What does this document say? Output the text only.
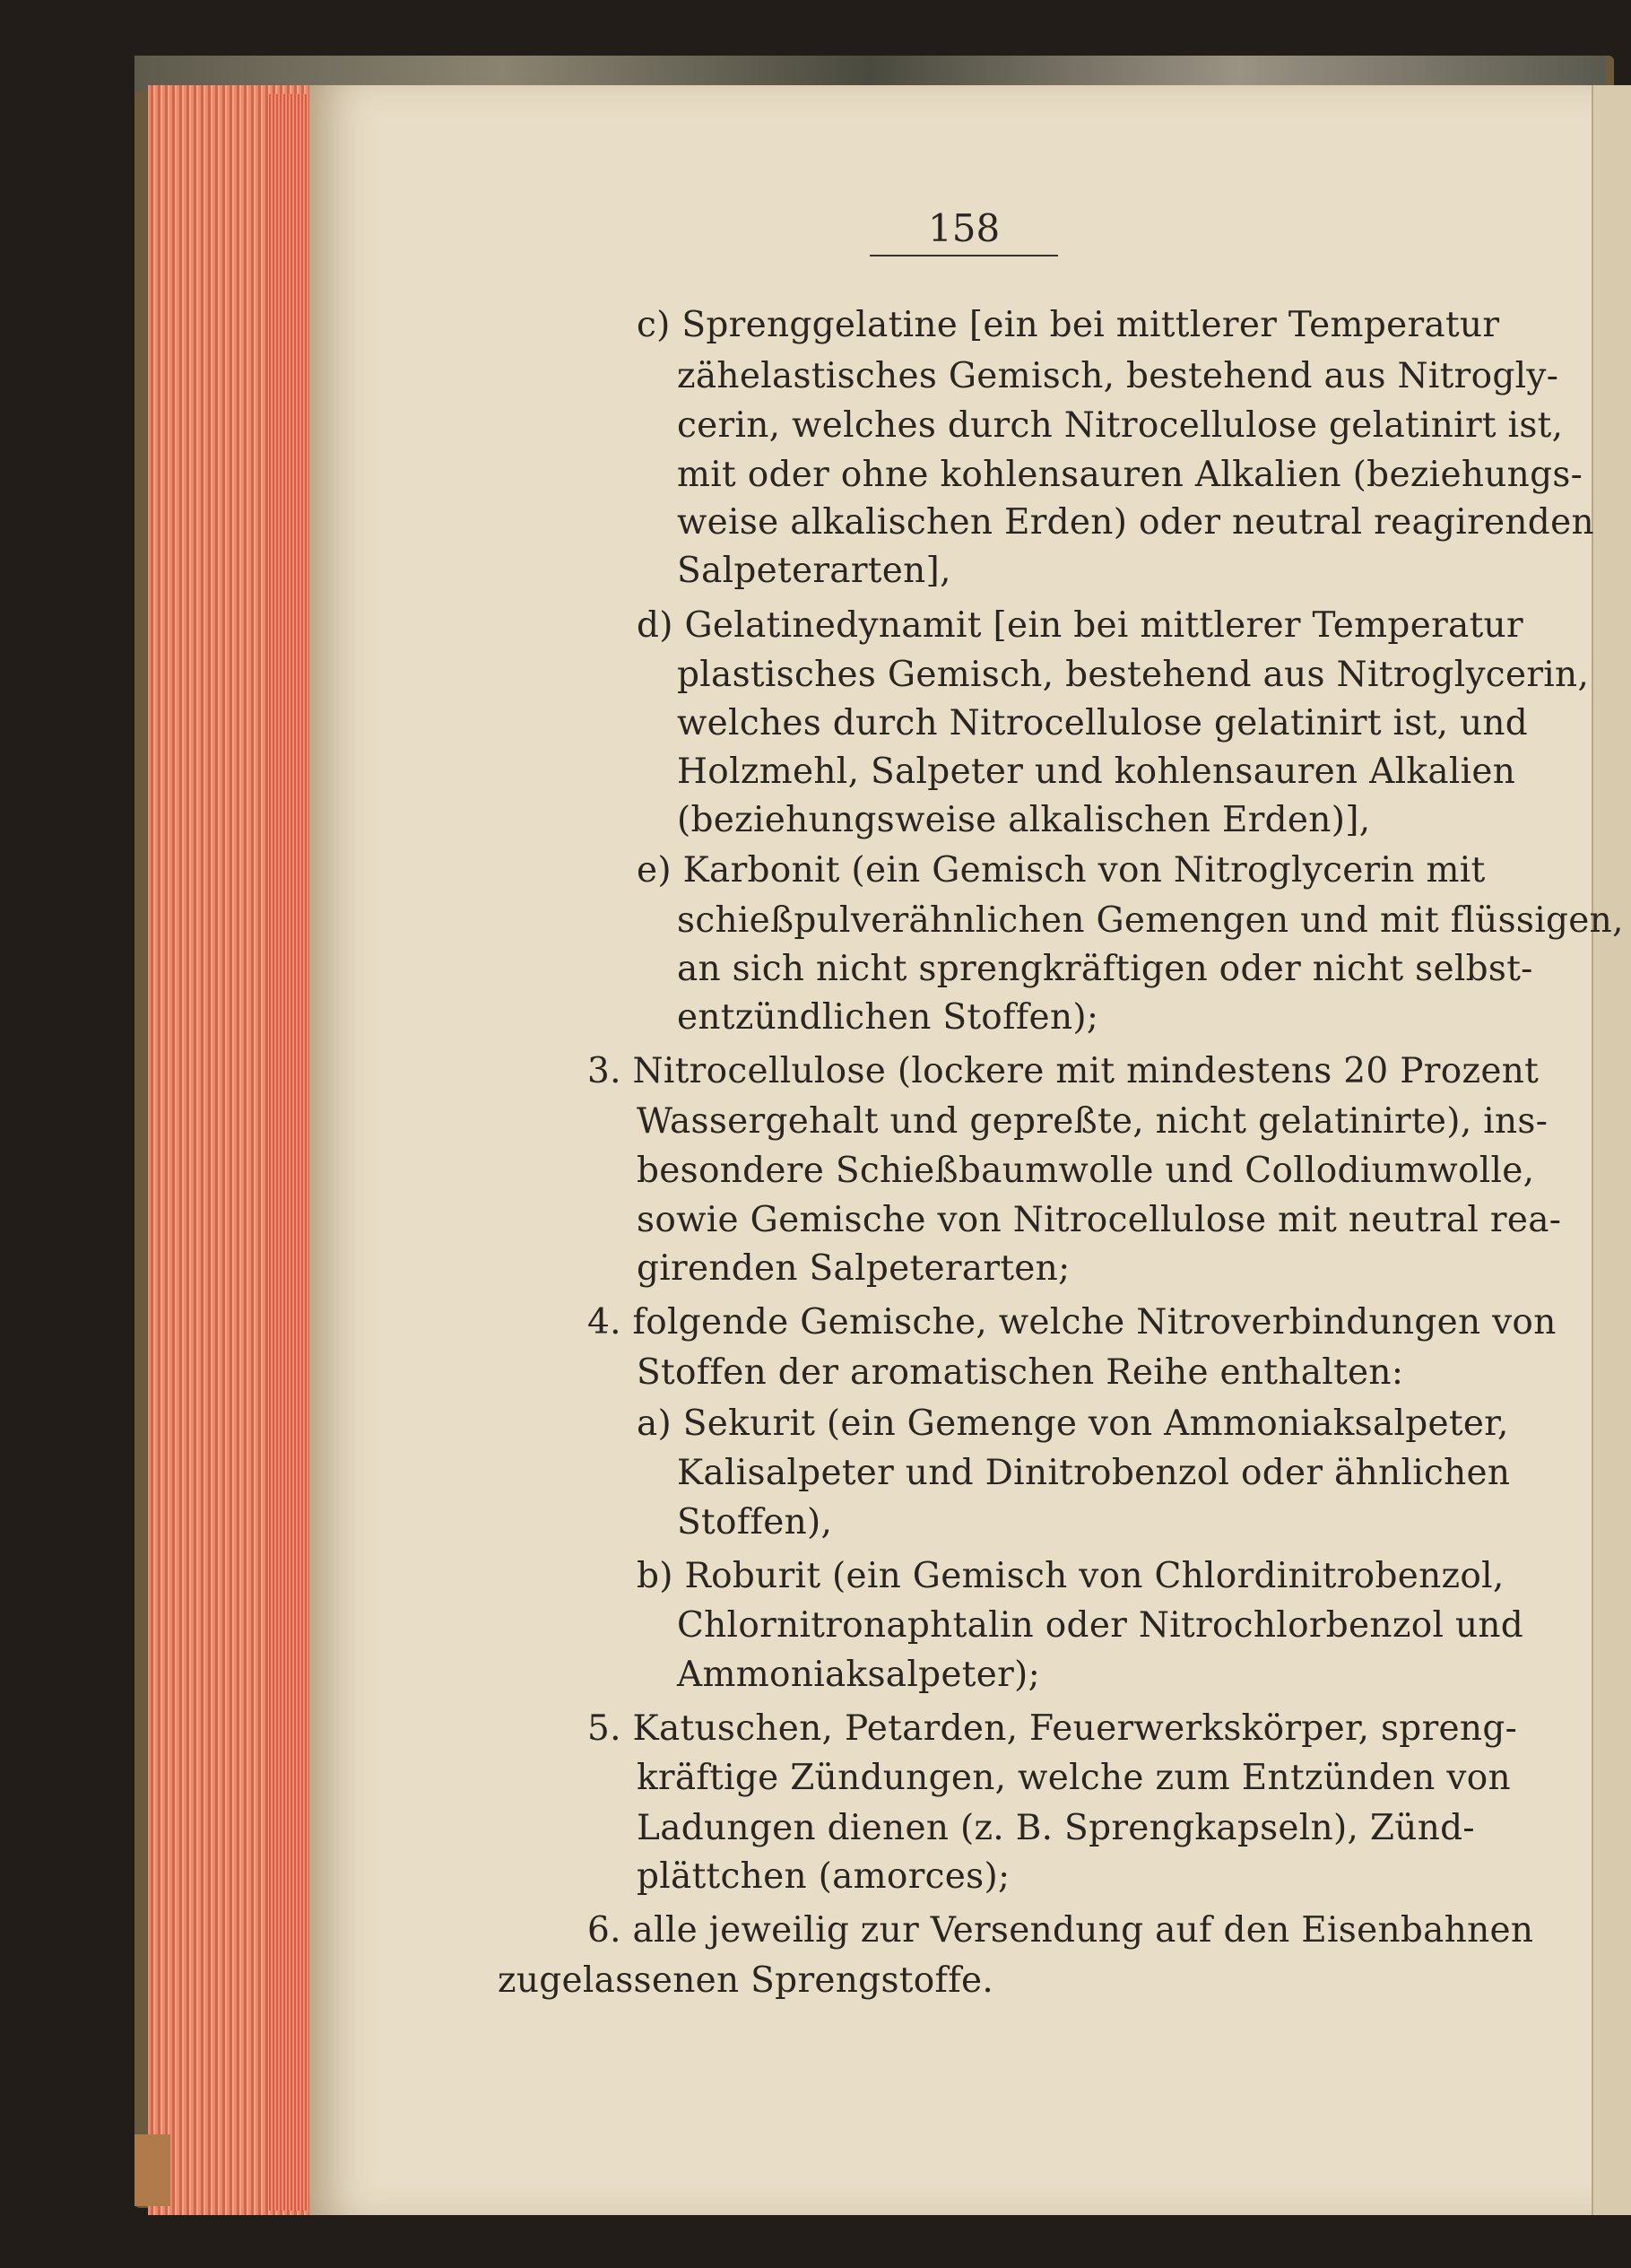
158
c) Sprenggelatine [ein bei mittlerer Temperatur
zähelastisches Gemisch, bestehend aus Nitrogly-
cerin, welches durch Nitrocellulose gelatinirt ist,
mit oder ohne kohlensauren Alkalien (beziehungs-
weise alkalischen Erden) oder neutral reagirenden
Salpeterarten],
d) Gelatinedynamit [ein bei mittlerer Temperatur
plastisches Gemisch, bestehend aus Nitroglycerin,
welches durch Nitrocellulose gelatinirt ist, und
Holzmehl, Salpeter und kohlensauren Alkalien
(beziehungsweise alkalischen Erden)],
e) Karbonit (ein Gemisch von Nitroglycerin mit
schießpulverähnlichen Gemengen und mit flüssigen,
an sich nicht sprengkräftigen oder nicht selbst-
entzündlichen Stoffen);
3. Nitrocellulose (lockere mit mindestens 20 Prozent
Wassergehalt und gepreßte, nicht gelatinirte), ins-
besondere Schießbaumwolle und Collodiumwolle,
sowie Gemische von Nitrocellulose mit neutral rea-
girenden Salpeterarten;
4. folgende Gemische, welche Nitroverbindungen von
Stoffen der aromatischen Reihe enthalten:
a) Sekurit (ein Gemenge von Ammoniaksalpeter,
Kalisalpeter und Dinitrobenzol oder ähnlichen
Stoffen),
b) Roburit (ein Gemisch von Chlordinitrobenzol,
Chlornitronaphtalin oder Nitrochlorbenzol und
Ammoniaksalpeter);
5. Katuschen, Petarden, Feuerwerkskörper, spreng-
kräftige Zündungen, welche zum Entzünden von
Ladungen dienen (z. B. Sprengkapseln), Zünd-
plättchen (amorces);
6. alle jeweilig zur Versendung auf den Eisenbahnen
zugelassenen Sprengstoffe.
